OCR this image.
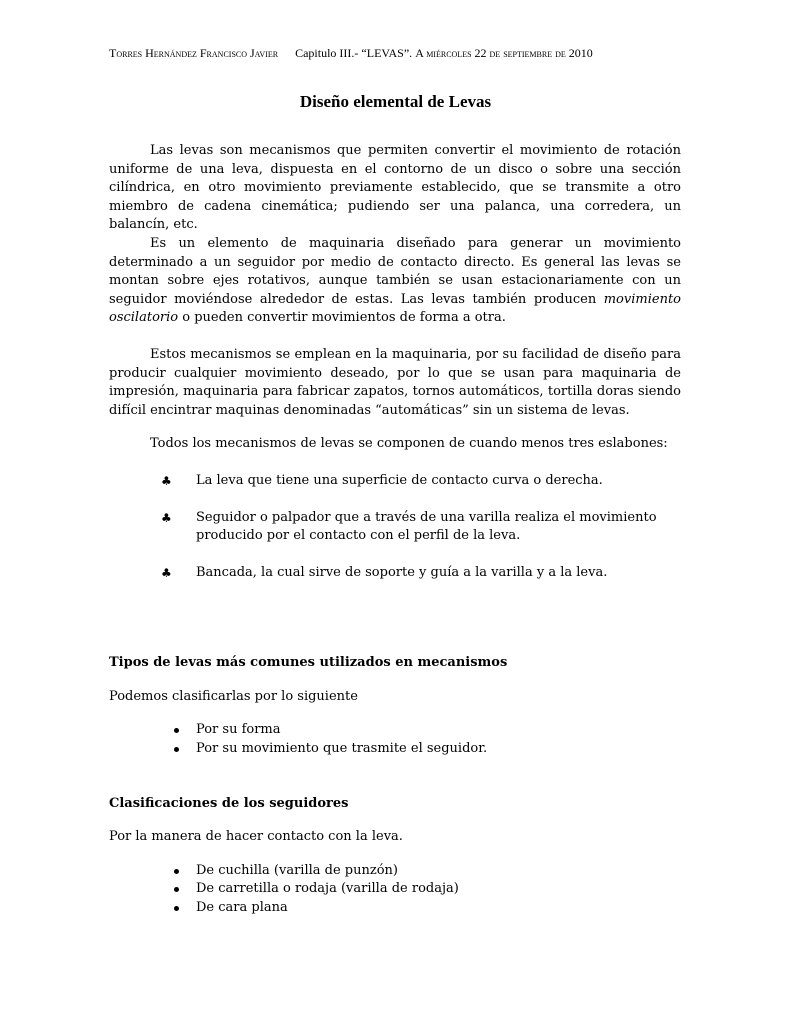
Torres Hernández Francisco Javier Capitulo III.- “LEVAS”. A miércoles 22 de septiembre de 2010
Diseño elemental de Levas

Las levas son mecanismos que permiten convertir el movimiento de rotación uniforme de una leva, dispuesta en el contorno de un disco o sobre una sección cilíndrica, en otro movimiento previamente establecido, que se transmite a otro miembro de cadena cinemática; pudiendo ser una palanca, una corredera, un balancín, etc.

Es un elemento de maquinaria diseñado para generar un movimiento determinado a un seguidor por medio de contacto directo. Es general las levas se montan sobre ejes rotativos, aunque también se usan estacionariamente con un seguidor moviéndose alrededor de estas. Las levas también producen movimiento oscilatorio o pueden convertir movimientos de forma a otra.

Estos mecanismos se emplean en la maquinaria, por su facilidad de diseño para producir cualquier movimiento deseado, por lo que se usan para maquinaria de impresión, maquinaria para fabricar zapatos, tornos automáticos, tortilla doras siendo difícil encintrar maquinas denominadas “automáticas” sin un sistema de levas.

Todos los mecanismos de levas se componen de cuando menos tres eslabones:

♣ La leva que tiene una superficie de contacto curva o derecha.
♣ Seguidor o palpador que a través de una varilla realiza el movimiento producido por el contacto con el perfil de la leva.
♣ Bancada, la cual sirve de soporte y guía a la varilla y a la leva.

Tipos de levas más comunes utilizados en mecanismos

Podemos clasificarlas por lo siguiente

Por su forma
Por su movimiento que trasmite el seguidor.

Clasificaciones de los seguidores

Por la manera de hacer contacto con la leva.

De cuchilla (varilla de punzón)
De carretilla o rodaja (varilla de rodaja)
De cara plana
